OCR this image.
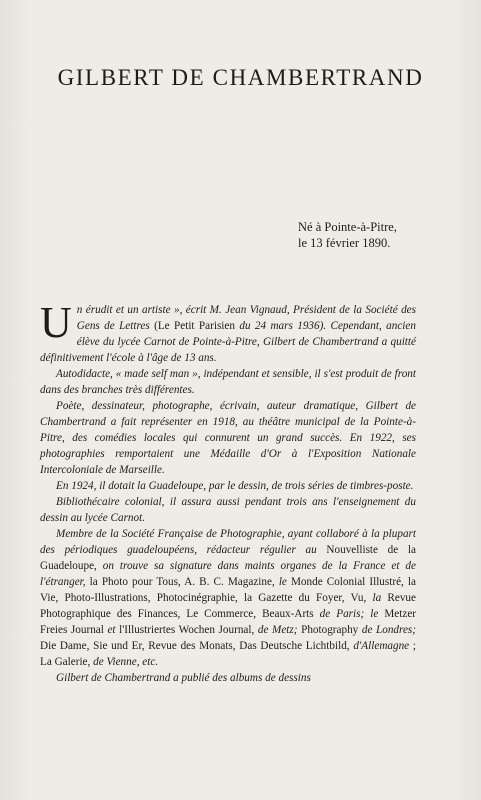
GILBERT DE CHAMBERTRAND
Né à Pointe-à-Pitre,
le 13 février 1890.

Un érudit et un artiste », écrit M. Jean Vignaud, Président de la Société des Gens de Lettres (Le Petit Parisien du 24 mars 1936). Cependant, ancien élève du lycée Carnot de Pointe-à-Pitre, Gilbert de Chambertrand a quitté définitivement l'école à l'âge de 13 ans.

Autodidacte, « made self man », indépendant et sensible, il s'est produit de front dans des branches très différentes.

Poète, dessinateur, photographe, écrivain, auteur dramatique, Gilbert de Chambertrand a fait représenter en 1918, au théâtre municipal de la Pointe-à-Pitre, des comédies locales qui connurent un grand succès. En 1922, ses photographies remportaient une Médaille d'Or à l'Exposition Nationale Intercoloniale de Marseille.

En 1924, il dotait la Guadeloupe, par le dessin, de trois séries de timbres-poste.

Bibliothécaire colonial, il assura aussi pendant trois ans l'enseignement du dessin au lycée Carnot.

Membre de la Société Française de Photographie, ayant collaboré à la plupart des périodiques guadeloupéens, rédacteur régulier au Nouvelliste de la Guadeloupe, on trouve sa signature dans maints organes de la France et de l'étranger, la Photo pour Tous, A. B. C. Magazine, le Monde Colonial Illustré, la Vie, Photo-Illustrations, Photocinégraphie, la Gazette du Foyer, Vu, la Revue Photographique des Finances, Le Commerce, Beaux-Arts de Paris; le Metzer Freies Journal et l'Illustriertes Wochen Journal, de Metz; Photography de Londres; Die Dame, Sie und Er, Revue des Monats, Das Deutsche Lichtbild, d'Allemagne ; La Galerie, de Vienne, etc.

Gilbert de Chambertrand a publié des albums de dessins
